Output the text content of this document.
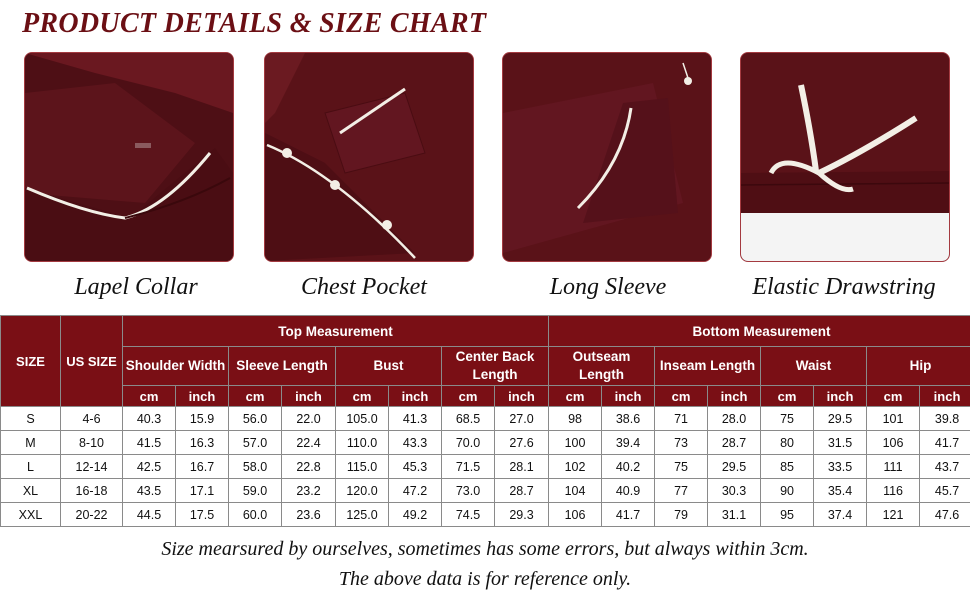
PRODUCT DETAILS & SIZE CHART
Lapel Collar	Chest Pocket	Long Sleeve	Elastic Drawstring
SIZE	US SIZE	Top Measurement								Bottom Measurement							
		Shoulder Width		Sleeve Length		Bust		Center Back Length		Outseam Length		Inseam Length		Waist		Hip	
		cm	inch	cm	inch	cm	inch	cm	inch	cm	inch	cm	inch	cm	inch	cm	inch
S	4-6	40.3	15.9	56.0	22.0	105.0	41.3	68.5	27.0	98	38.6	71	28.0	75	29.5	101	39.8
M	8-10	41.5	16.3	57.0	22.4	110.0	43.3	70.0	27.6	100	39.4	73	28.7	80	31.5	106	41.7
L	12-14	42.5	16.7	58.0	22.8	115.0	45.3	71.5	28.1	102	40.2	75	29.5	85	33.5	111	43.7
XL	16-18	43.5	17.1	59.0	23.2	120.0	47.2	73.0	28.7	104	40.9	77	30.3	90	35.4	116	45.7
XXL	20-22	44.5	17.5	60.0	23.6	125.0	49.2	74.5	29.3	106	41.7	79	31.1	95	37.4	121	47.6
Size mearsured by ourselves, sometimes has some errors, but always within 3cm.
The above data is for reference only.
